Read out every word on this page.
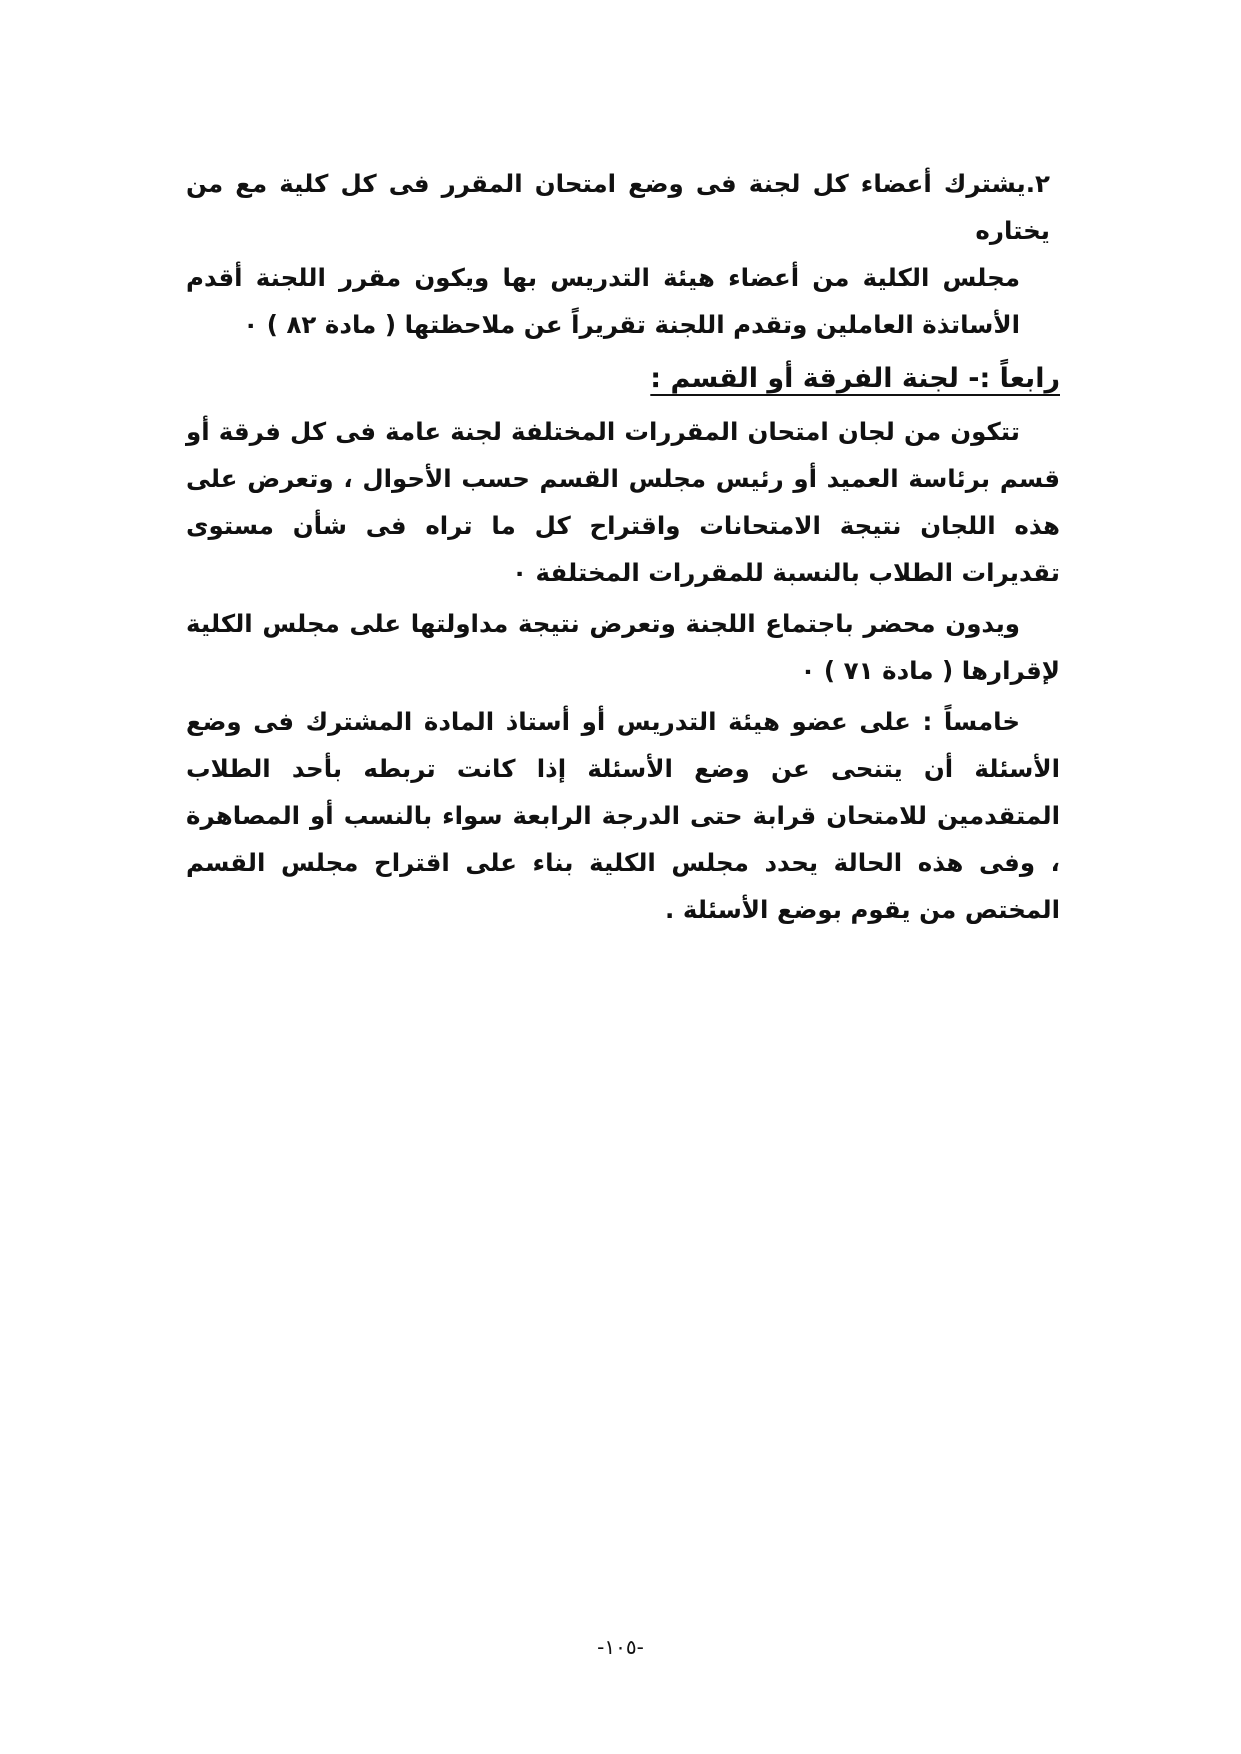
٢.يشترك أعضاء كل لجنة فى وضع امتحان المقرر فى كل كلية مع من يختاره
مجلس الكلية من أعضاء هيئة التدريس بها ويكون مقرر اللجنة أقدم الأساتذة العاملين وتقدم اللجنة تقريراً عن ملاحظتها ( مادة ٨٢ ) ٠

رابعاً :- لجنة الفرقة أو القسم :

تتكون من لجان امتحان المقررات المختلفة لجنة عامة فى كل فرقة أو قسم برئاسة العميد أو رئيس مجلس القسم حسب الأحوال ، وتعرض على هذه اللجان نتيجة الامتحانات واقتراح كل ما تراه فى شأن مستوى تقديرات الطلاب بالنسبة للمقررات المختلفة ٠

ويدون محضر باجتماع اللجنة وتعرض نتيجة مداولتها على مجلس الكلية لإقرارها ( مادة ٧١ ) ٠

خامساً : على عضو هيئة التدريس أو أستاذ المادة المشترك فى وضع الأسئلة أن يتنحى عن وضع الأسئلة إذا كانت تربطه بأحد الطلاب المتقدمين للامتحان قرابة حتى الدرجة الرابعة سواء بالنسب أو المصاهرة ، وفى هذه الحالة يحدد مجلس الكلية بناء على اقتراح مجلس القسم المختص من يقوم بوضع الأسئلة .

-١٠٥-
